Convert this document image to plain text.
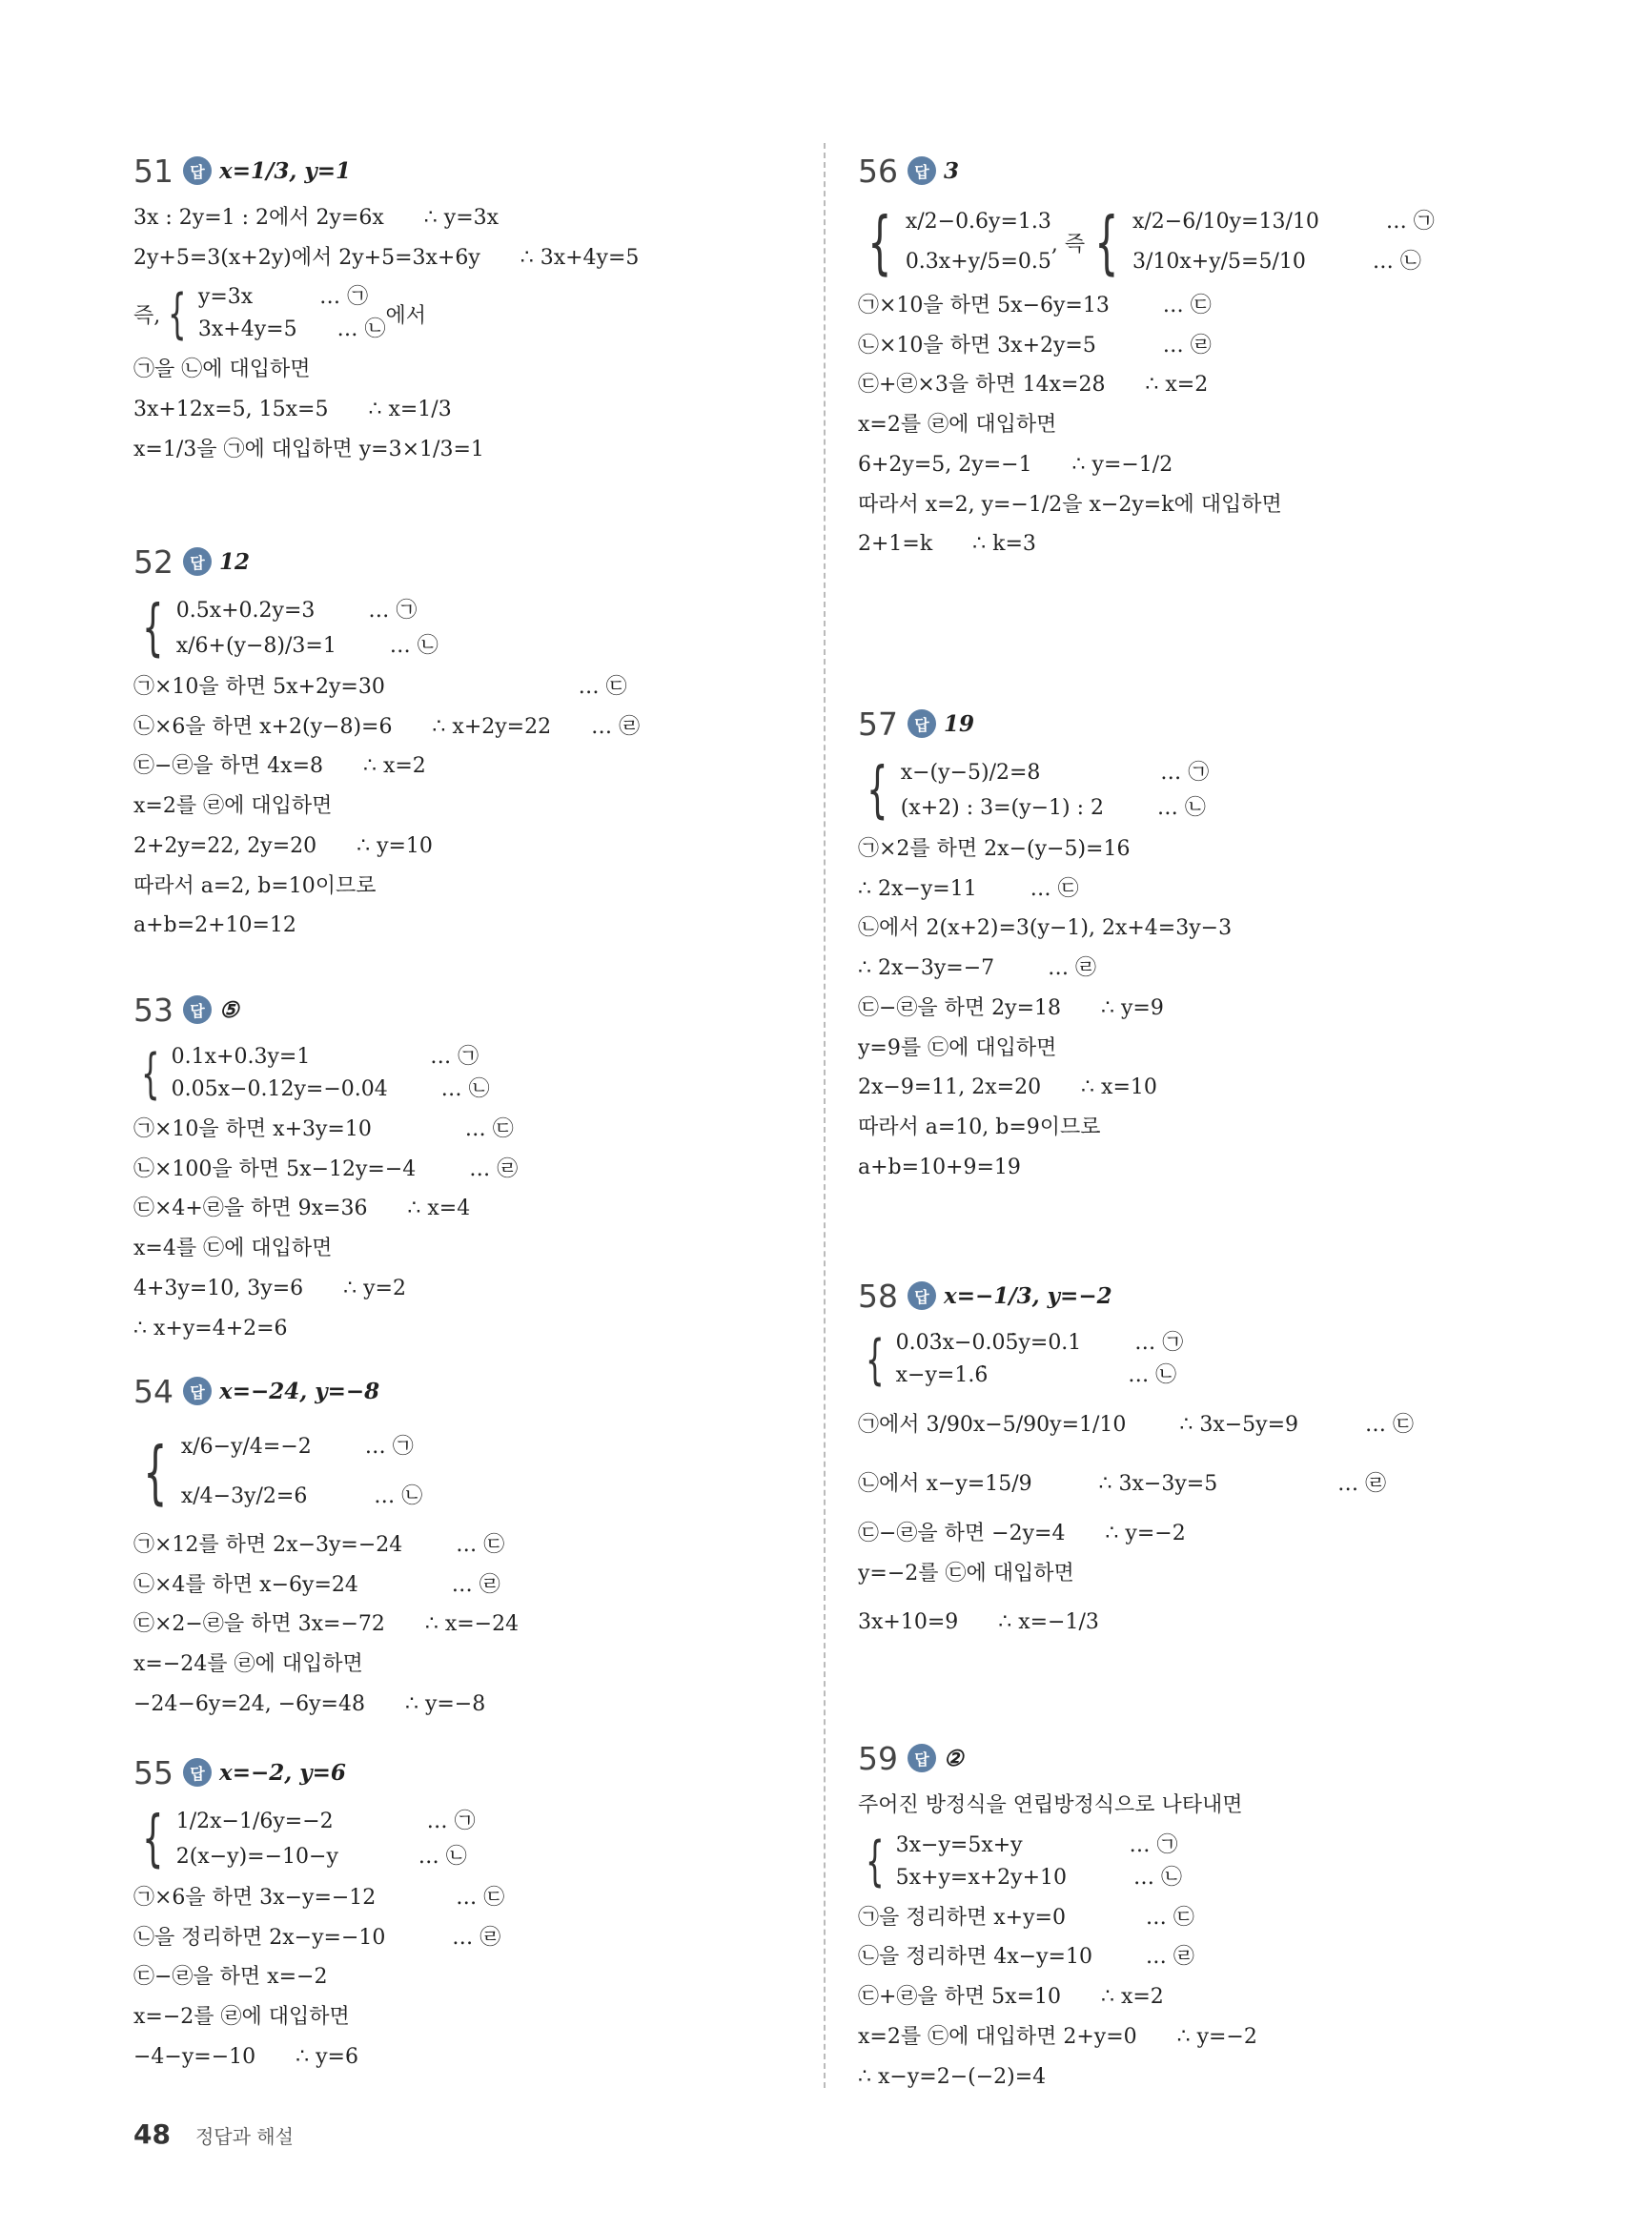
51	답 x=1/3, y=1
3x : 2y=1 : 2에서 2y=6x      ∴ y=3x
2y+5=3(x+2y)에서 2y+5=3x+6y      ∴ 3x+4y=5
즉, { y=3x          … ㉠
3x+4y=5      … ㉡
에서
㉠을 ㉡에 대입하면
3x+12x=5, 15x=5      ∴ x=1/3
x=1/3을 ㉠에 대입하면 y=3×1/3=1
52	답 12
{ 0.5x+0.2y=3        … ㉠
x/6+(y−8)/3=1        … ㉡
㉠×10을 하면 5x+2y=30                             … ㉢
㉡×6을 하면 x+2(y−8)=6      ∴ x+2y=22      … ㉣
㉢−㉣을 하면 4x=8      ∴ x=2
x=2를 ㉣에 대입하면
2+2y=22, 2y=20      ∴ y=10
따라서 a=2, b=10이므로
a+b=2+10=12
53	답 ⑤
{ 0.1x+0.3y=1                  … ㉠
0.05x−0.12y=−0.04        … ㉡
㉠×10을 하면 x+3y=10              … ㉢
㉡×100을 하면 5x−12y=−4        … ㉣
㉢×4+㉣을 하면 9x=36      ∴ x=4
x=4를 ㉢에 대입하면
4+3y=10, 3y=6      ∴ y=2
∴ x+y=4+2=6
54	답 x=−24, y=−8
{ x/6−y/4=−2        … ㉠
x/4−3y/2=6          … ㉡
㉠×12를 하면 2x−3y=−24        … ㉢
㉡×4를 하면 x−6y=24              … ㉣
㉢×2−㉣을 하면 3x=−72      ∴ x=−24
x=−24를 ㉣에 대입하면
−24−6y=24, −6y=48      ∴ y=−8
55	답 x=−2, y=6
{ 1/2x−1/6y=−2              … ㉠
2(x−y)=−10−y            … ㉡
㉠×6을 하면 3x−y=−12            … ㉢
㉡을 정리하면 2x−y=−10          … ㉣
㉢−㉣을 하면 x=−2
x=−2를 ㉣에 대입하면
−4−y=−10      ∴ y=6
56	답 3
{ x/2−0.6y=1.3
0.3x+y/5=0.5
, 즉 { x/2−6/10y=13/10          … ㉠
3/10x+y/5=5/10          … ㉡
㉠×10을 하면 5x−6y=13        … ㉢
㉡×10을 하면 3x+2y=5          … ㉣
㉢+㉣×3을 하면 14x=28      ∴ x=2
x=2를 ㉣에 대입하면
6+2y=5, 2y=−1      ∴ y=−1/2
따라서 x=2, y=−1/2을 x−2y=k에 대입하면
2+1=k      ∴ k=3
57	답 19
{ x−(y−5)/2=8                  … ㉠
(x+2) : 3=(y−1) : 2        … ㉡
㉠×2를 하면 2x−(y−5)=16
∴ 2x−y=11        … ㉢
㉡에서 2(x+2)=3(y−1), 2x+4=3y−3
∴ 2x−3y=−7        … ㉣
㉢−㉣을 하면 2y=18      ∴ y=9
y=9를 ㉢에 대입하면
2x−9=11, 2x=20      ∴ x=10
따라서 a=10, b=9이므로
a+b=10+9=19
58	답 x=−1/3, y=−2
{ 0.03̇x−0.05̇y=0.1        … ㉠
x−y=1.6̇                     … ㉡
㉠에서 3/90x−5/90y=1/10        ∴ 3x−5y=9          … ㉢
㉡에서 x−y=15/9          ∴ 3x−3y=5                  … ㉣
㉢−㉣을 하면 −2y=4      ∴ y=−2
y=−2를 ㉢에 대입하면
3x+10=9      ∴ x=−1/3
59	답 ②
주어진 방정식을 연립방정식으로 나타내면
{ 3x−y=5x+y                … ㉠
5x+y=x+2y+10          … ㉡
㉠을 정리하면 x+y=0            … ㉢
㉡을 정리하면 4x−y=10        … ㉣
㉢+㉣을 하면 5x=10      ∴ x=2
x=2를 ㉢에 대입하면 2+y=0      ∴ y=−2
∴ x−y=2−(−2)=4
48 정답과 해설
